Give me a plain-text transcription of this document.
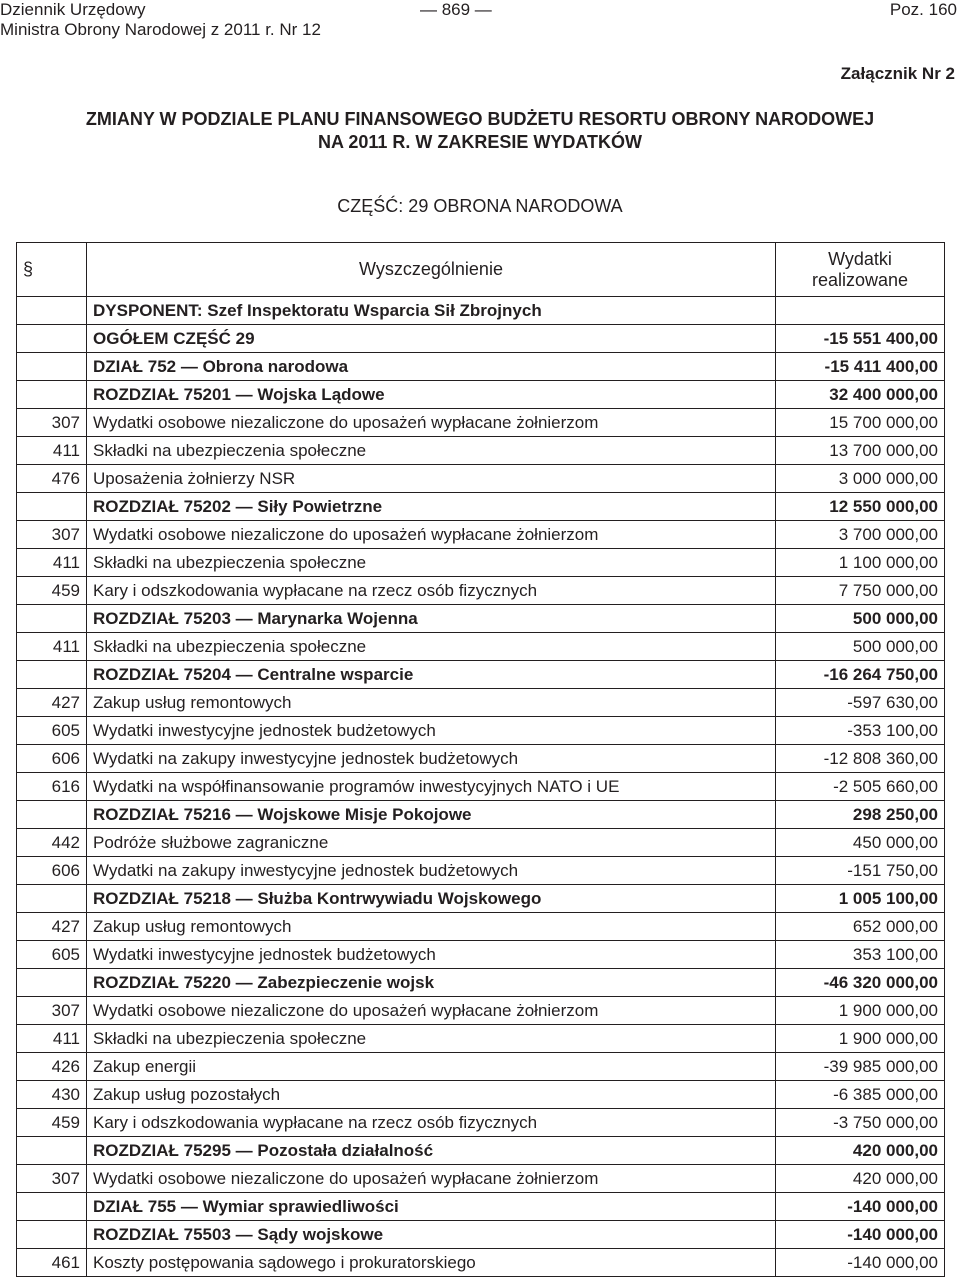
Dziennik Urzędowy
Ministra Obrony Narodowej z 2011 r. Nr 12
— 869 —	Poz. 160
Załącznik Nr 2
ZMIANY W PODZIALE PLANU FINANSOWEGO BUDŻETU RESORTU OBRONY NARODOWEJ
NA 2011 R. W ZAKRESIE WYDATKÓW
CZĘŚĆ: 29 OBRONA NARODOWA
§	Wyszczególnienie	Wydatki
realizowane
	DYSPONENT: Szef Inspektoratu Wsparcia Sił Zbrojnych	
	OGÓŁEM CZĘŚĆ 29	-15 551 400,00
	DZIAŁ 752 — Obrona narodowa	-15 411 400,00
	ROZDZIAŁ 75201 — Wojska Lądowe	32 400 000,00
307	Wydatki osobowe niezaliczone do uposażeń wypłacane żołnierzom	15 700 000,00
411	Składki na ubezpieczenia społeczne	13 700 000,00
476	Uposażenia żołnierzy NSR	3 000 000,00
	ROZDZIAŁ 75202 — Siły Powietrzne	12 550 000,00
307	Wydatki osobowe niezaliczone do uposażeń wypłacane żołnierzom	3 700 000,00
411	Składki na ubezpieczenia społeczne	1 100 000,00
459	Kary i odszkodowania wypłacane na rzecz osób fizycznych	7 750 000,00
	ROZDZIAŁ 75203 — Marynarka Wojenna	500 000,00
411	Składki na ubezpieczenia społeczne	500 000,00
	ROZDZIAŁ 75204 — Centralne wsparcie	-16 264 750,00
427	Zakup usług remontowych	-597 630,00
605	Wydatki inwestycyjne jednostek budżetowych	-353 100,00
606	Wydatki na zakupy inwestycyjne jednostek budżetowych	-12 808 360,00
616	Wydatki na współfinansowanie programów inwestycyjnych NATO i UE	-2 505 660,00
	ROZDZIAŁ 75216 — Wojskowe Misje Pokojowe	298 250,00
442	Podróże służbowe zagraniczne	450 000,00
606	Wydatki na zakupy inwestycyjne jednostek budżetowych	-151 750,00
	ROZDZIAŁ 75218 — Służba Kontrwywiadu Wojskowego	1 005 100,00
427	Zakup usług remontowych	652 000,00
605	Wydatki inwestycyjne jednostek budżetowych	353 100,00
	ROZDZIAŁ 75220 — Zabezpieczenie wojsk	-46 320 000,00
307	Wydatki osobowe niezaliczone do uposażeń wypłacane żołnierzom	1 900 000,00
411	Składki na ubezpieczenia społeczne	1 900 000,00
426	Zakup energii	-39 985 000,00
430	Zakup usług pozostałych	-6 385 000,00
459	Kary i odszkodowania wypłacane na rzecz osób fizycznych	-3 750 000,00
	ROZDZIAŁ 75295 — Pozostała działalność	420 000,00
307	Wydatki osobowe niezaliczone do uposażeń wypłacane żołnierzom	420 000,00
	DZIAŁ 755 — Wymiar sprawiedliwości	-140 000,00
	ROZDZIAŁ 75503 — Sądy wojskowe	-140 000,00
461	Koszty postępowania sądowego i prokuratorskiego	-140 000,00
